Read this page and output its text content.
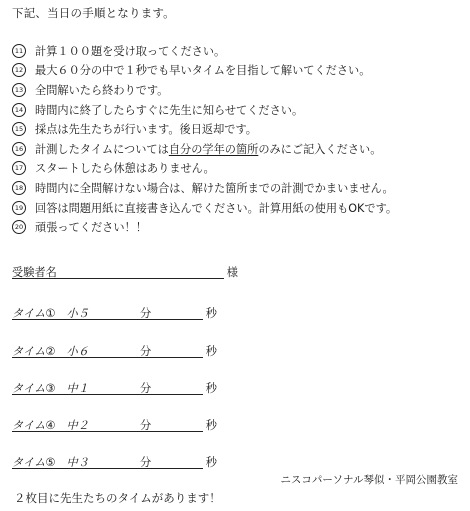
下記、当日の手順となります。
11 計算１００題を受け取ってください。
12 最大６０分の中で１秒でも早いタイムを目指して解いてください。
13 全問解いたら終わりです。
14 時間内に終了したらすぐに先生に知らせてください。
15 採点は先生たちが行います。後日返却です。
16 計測したタイムについては 自分の学年の箇所 のみにご記入ください。
17 スタートしたら休憩はありません。
18 時間内に全問解けない場合は、解けた箇所までの計測でかまいません。
19 回答は問題用紙に直接書き込んでください。計算用紙の使用もOKです。
20 頑張ってください！！
受験者名	様
タイム①　小５	分	秒
タイム②　小６	分	秒
タイム③　中１	分	秒
タイム④　中２	分	秒
タイム⑤　中３	分	秒
ニスコパーソナル琴似・平岡公園教室
２枚目に先生たちのタイムがあります！
